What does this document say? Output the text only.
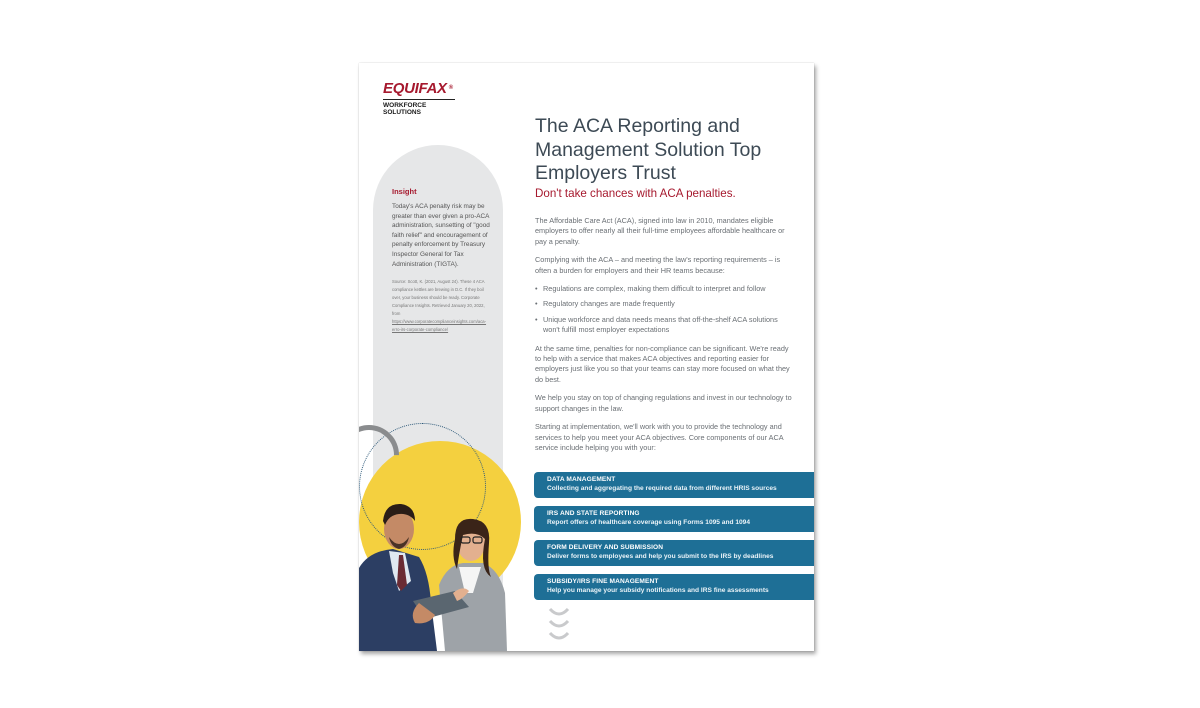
EQUIFAX ®
WORKFORCE SOLUTIONS
Insight
Today's ACA penalty risk may be greater than ever given a pro-ACA administration, sunsetting of "good faith relief" and encouragement of penalty enforcement by Treasury Inspector General for Tax Administration (TIGTA).
Source: Scott, K. (2021, August 24). These 4 ACA compliance kettles are brewing in D.C. If they boil over, your business should be ready. Corporate Compliance Insights. Retrieved January 20, 2022, from https://www.corporatecomplianceinsights.com/aca-erro-irs-corporate-compliance/
The ACA Reporting and Management Solution Top Employers Trust
Don't take chances with ACA penalties.

The Affordable Care Act (ACA), signed into law in 2010, mandates eligible employers to offer nearly all their full-time employees affordable healthcare or pay a penalty.

Complying with the ACA – and meeting the law's reporting requirements – is often a burden for employers and their HR teams because:

• Regulations are complex, making them difficult to interpret and follow
• Regulatory changes are made frequently
• Unique workforce and data needs means that off-the-shelf ACA solutions won't fulfill most employer expectations

At the same time, penalties for non-compliance can be significant. We're ready to help with a service that makes ACA objectives and reporting easier for employers just like you so that your teams can stay more focused on what they do best.

We help you stay on top of changing regulations and invest in our technology to support changes in the law.

Starting at implementation, we'll work with you to provide the technology and services to help you meet your ACA objectives. Core components of our ACA service include helping you with your:

DATA MANAGEMENT
Collecting and aggregating the required data from different HRIS sources
IRS AND STATE REPORTING
Report offers of healthcare coverage using Forms 1095 and 1094
FORM DELIVERY AND SUBMISSION
Deliver forms to employees and help you submit to the IRS by deadlines
SUBSIDY/IRS FINE MANAGEMENT
Help you manage your subsidy notifications and IRS fine assessments
